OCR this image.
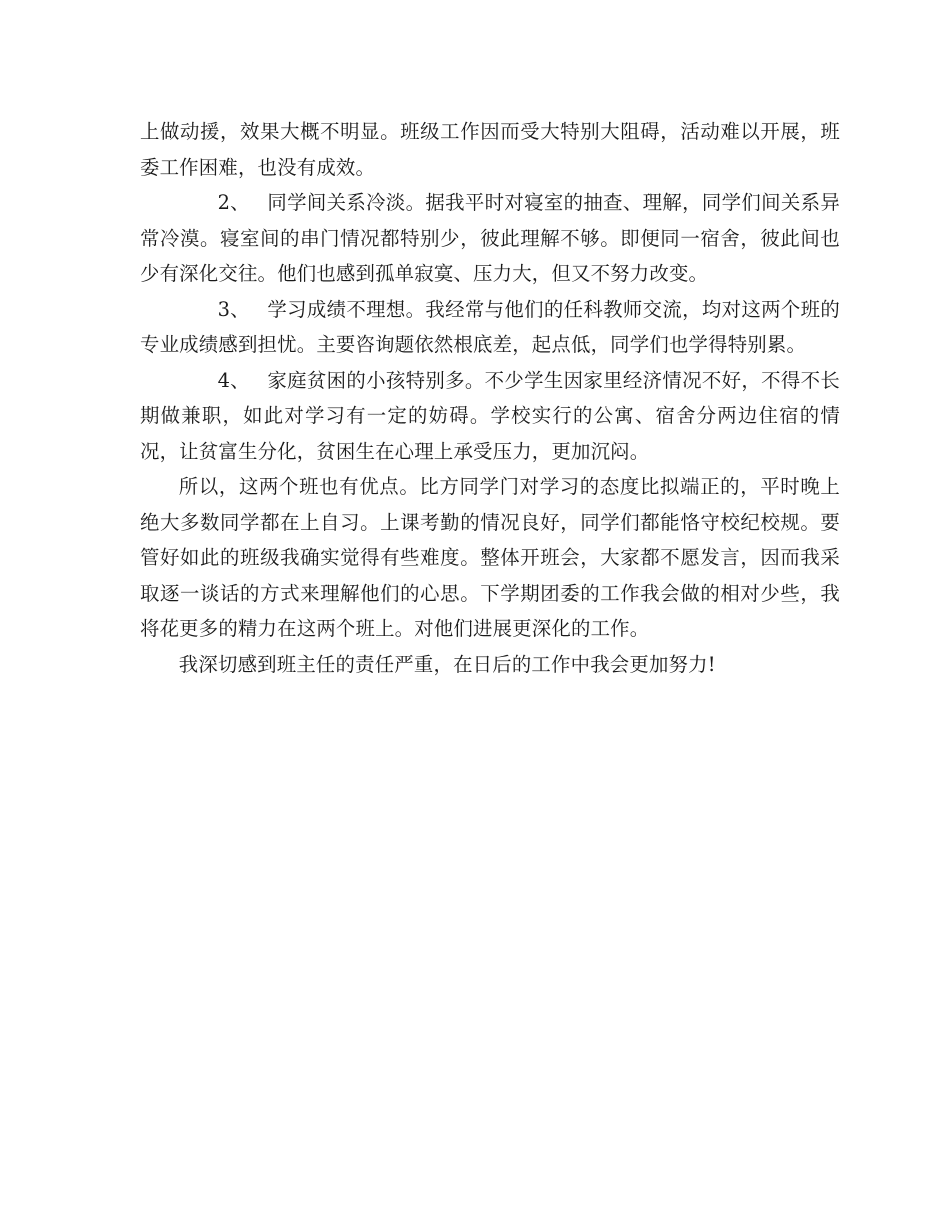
上做动援，效果大概不明显。班级工作因而受大特别大阻碍，活动难以开展，班委工作困难，也没有成效。

2、 同学间关系冷淡。据我平时对寝室的抽查、理解，同学们间关系异常冷漠。寝室间的串门情况都特别少，彼此理解不够。即便同一宿舍，彼此间也少有深化交往。他们也感到孤单寂寞、压力大，但又不努力改变。

3、 学习成绩不理想。我经常与他们的任科教师交流，均对这两个班的专业成绩感到担忧。主要咨询题依然根底差，起点低，同学们也学得特别累。

4、 家庭贫困的小孩特别多。不少学生因家里经济情况不好，不得不长期做兼职，如此对学习有一定的妨碍。学校实行的公寓、宿舍分两边住宿的情况，让贫富生分化，贫困生在心理上承受压力，更加沉闷。

所以，这两个班也有优点。比方同学门对学习的态度比拟端正的，平时晚上绝大多数同学都在上自习。上课考勤的情况良好，同学们都能恪守校纪校规。要管好如此的班级我确实觉得有些难度。整体开班会，大家都不愿发言，因而我采取逐一谈话的方式来理解他们的心思。下学期团委的工作我会做的相对少些，我将花更多的精力在这两个班上。对他们进展更深化的工作。

我深切感到班主任的责任严重，在日后的工作中我会更加努力!
